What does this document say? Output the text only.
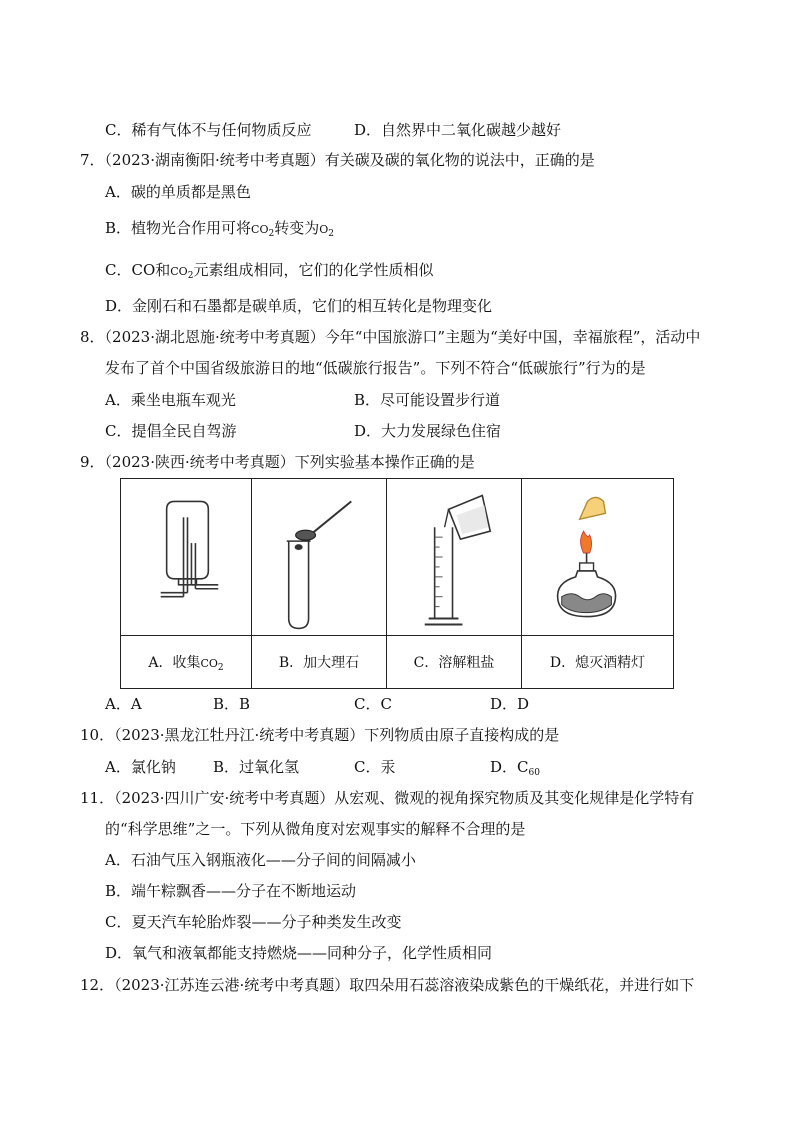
C．稀有气体不与任何物质反应	D．自然界中二氧化碳越少越好
7．（2023·湖南衡阳·统考中考真题）有关碳及碳的氧化物的说法中，正确的是
A．碳的单质都是黑色
B．植物光合作用可将$CO_2$转变为$O_2$
C．CO和$CO_2$元素组成相同，它们的化学性质相似
D．金刚石和石墨都是碳单质，它们的相互转化是物理变化
8．（2023·湖北恩施·统考中考真题）今年“中国旅游口”主题为“美好中国，幸福旅程”，活动中
发布了首个中国省级旅游日的地“低碳旅行报告”。下列不符合“低碳旅行”行为的是
A．乘坐电瓶车观光	B．尽可能设置步行道
C．提倡全民自驾游	D．大力发展绿色住宿
9．（2023·陕西·统考中考真题）下列实验基本操作正确的是

A．收集$CO_2$	B．加大理石	C．溶解粗盐	D．熄灭酒精灯
A．A	B．B	C．C	D．D
10．（2023·黑龙江牡丹江·统考中考真题）下列物质由原子直接构成的是
A．氯化钠 B．过氧化氢	C．汞	D．$C_{60}$
11．（2023·四川广安·统考中考真题）从宏观、微观的视角探究物质及其变化规律是化学特有
的“科学思维”之一。下列从微角度对宏观事实的解释不合理的是
A．石油气压入钢瓶液化——分子间的间隔减小
B．端午粽飘香——分子在不断地运动
C．夏天汽车轮胎炸裂——分子种类发生改变
D．氧气和液氧都能支持燃烧——同种分子，化学性质相同
12．（2023·江苏连云港·统考中考真题）取四朵用石蕊溶液染成紫色的干燥纸花，并进行如下
